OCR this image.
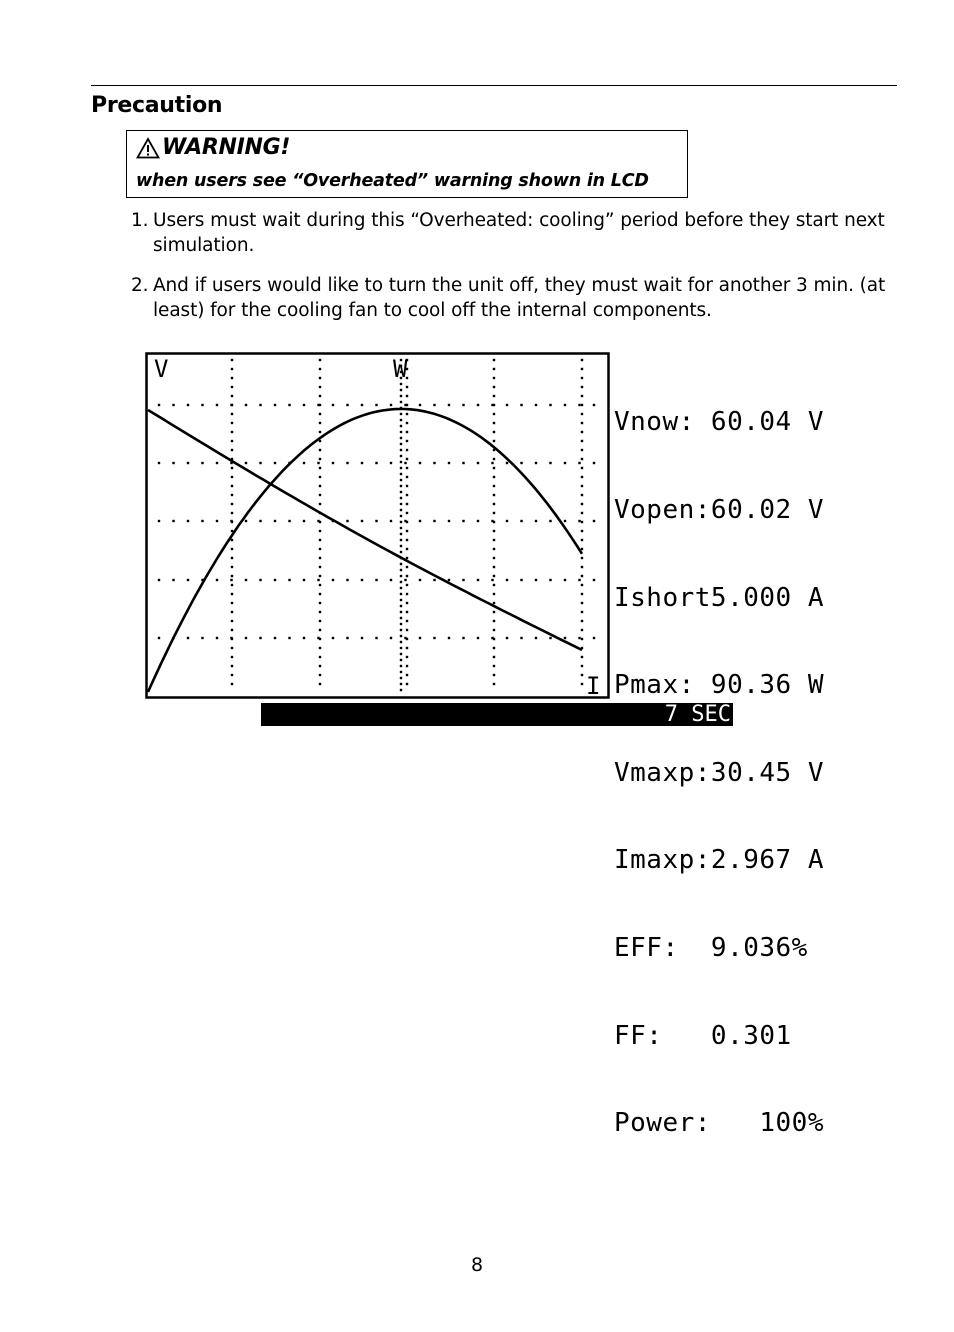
Precaution
WARNING!
when users see “Overheated” warning shown in LCD
1. Users must wait during this “Overheated: cooling” period before they start next simulation.
2. And if users would like to turn the unit off, they must wait for another 3 min. (at least) for the cooling fan to cool off the internal components.
V	W
I

Vnow: 60.04 V

Vopen:60.02 V

Ishort5.000 A

Pmax: 90.36 W

Vmaxp:30.45 V

Imaxp:2.967 A

EFF:  9.036%

FF:   0.301

Power:   100%

Overheated:cooling

7 SEC

8
